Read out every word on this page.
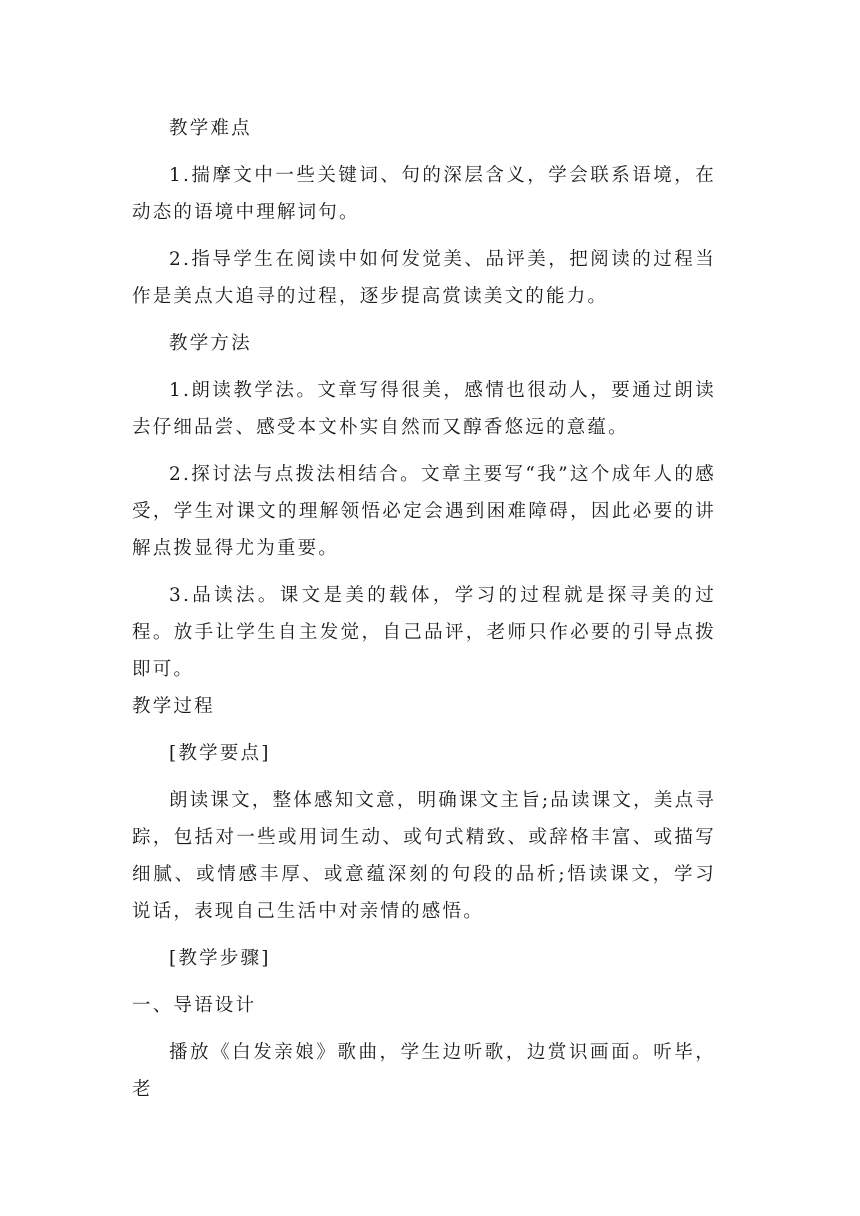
教学难点

1.揣摩文中一些关键词、句的深层含义，学会联系语境，在动态的语境中理解词句。

2.指导学生在阅读中如何发觉美、品评美，把阅读的过程当作是美点大追寻的过程，逐步提高赏读美文的能力。

教学方法

1.朗读教学法。文章写得很美，感情也很动人，要通过朗读去仔细品尝、感受本文朴实自然而又醇香悠远的意蕴。

2.探讨法与点拨法相结合。文章主要写“我”这个成年人的感受，学生对课文的理解领悟必定会遇到困难障碍，因此必要的讲解点拨显得尤为重要。

3.品读法。课文是美的载体，学习的过程就是探寻美的过程。放手让学生自主发觉，自己品评，老师只作必要的引导点拨即可。

教学过程

[教学要点]

朗读课文，整体感知文意，明确课文主旨;品读课文，美点寻踪，包括对一些或用词生动、或句式精致、或辞格丰富、或描写细腻、或情感丰厚、或意蕴深刻的句段的品析;悟读课文，学习说话，表现自己生活中对亲情的感悟。

[教学步骤]

一、导语设计

播放《白发亲娘》歌曲，学生边听歌，边赏识画面。听毕，老
